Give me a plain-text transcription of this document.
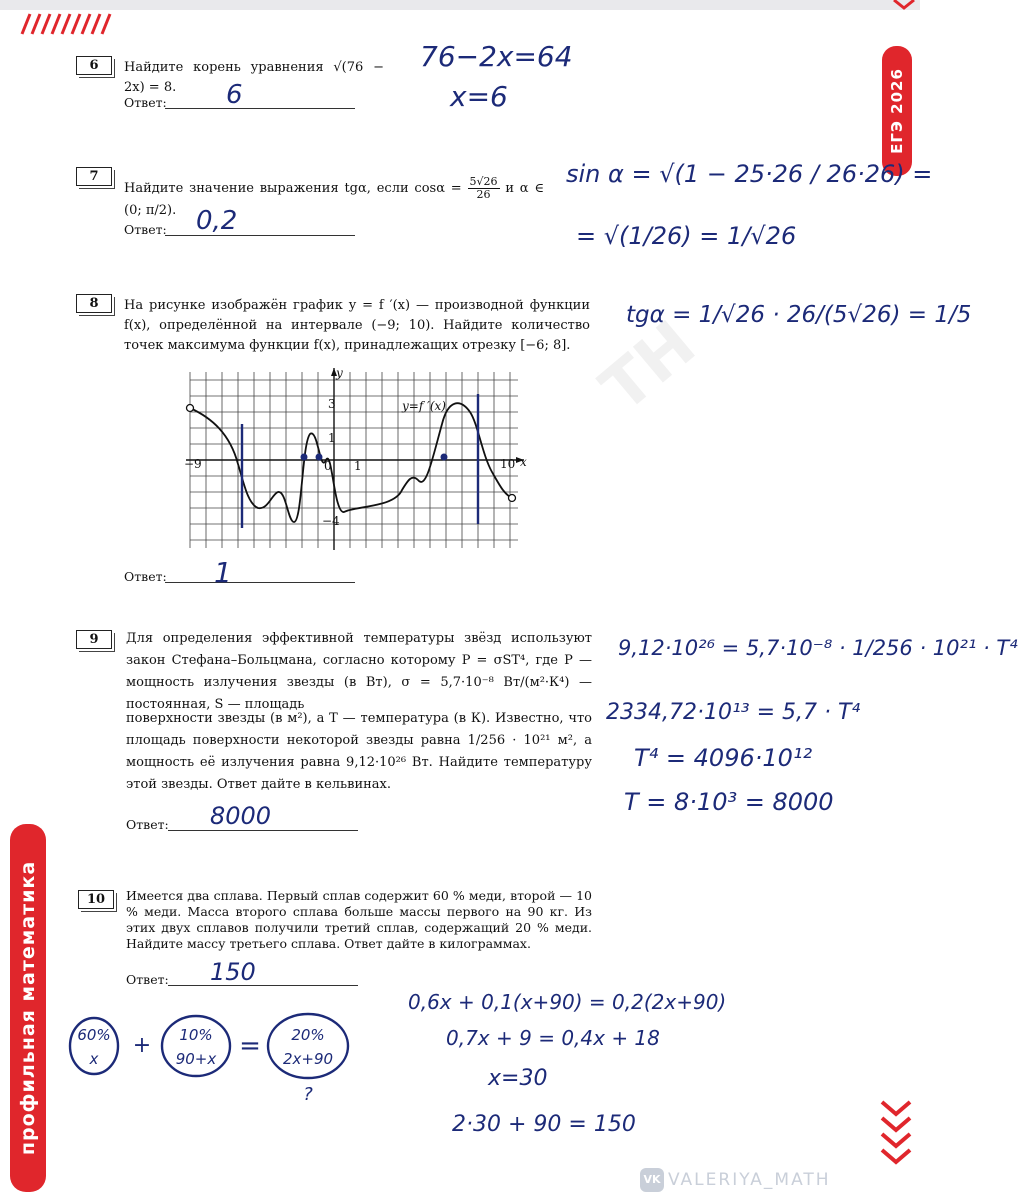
ЕГЭ 2026
профильная математика
TH
6	Найдите корень уравнения √(76 − 2x) = 8.
Ответ: 6
76−2x=64
x=6
7
Найдите значение выражения tgα, если $\cos\alpha = \frac{5√26}{26}$ и α ∈ (0; π/2).
Ответ: 0,2
sin α = √(1 − 25·26 / 26·26) =
= √(1/26) = 1/√26
tgα = 1/√26 · 26/(5√26) = 1/5
8	На рисунке изображён график y = f ′(x) — производной функции f(x), определённой на интервале (−9; 10). Найдите количество точек максимума функции f(x), принадлежащих отрезку [−6; 8].
y
x
−9	0 1	10
3
1
−4
y=f ′(x)
Ответ: 1
9	Для определения эффективной температуры звёзд используют закон Стефана–Больцмана, согласно которому P = σST⁴, где P — мощность излучения звезды (в Вт), σ = 5,7·10⁻⁸ Вт/(м²·К⁴) — постоянная, S — площадь
поверхности звезды (в м²), а T — температура (в К). Известно, что площадь поверхности некоторой звезды равна 1/256 · 10²¹ м², а мощность её излучения равна 9,12·10²⁶ Вт. Найдите температуру этой звезды. Ответ дайте в кельвинах.
Ответ: 8000
9,12·10²⁶ = 5,7·10⁻⁸ · 1/256 · 10²¹ · T⁴
2334,72·10¹³ = 5,7 · T⁴
T⁴ = 4096·10¹²
T = 8·10³ = 8000
10	Имеется два сплава. Первый сплав содержит 60 % меди, второй — 10 % меди. Масса второго сплава больше массы первого на 90 кг. Из этих двух сплавов получили третий сплав, содержащий 20 % меди. Найдите массу третьего сплава. Ответ дайте в килограммах.
Ответ: 150
0,6x + 0,1(x+90) = 0,2(2x+90)
0,7x + 9 = 0,4x + 18
x=30
2·30 + 90 = 150
60%
x
+ 10%
90+x = 20%
2x+90
?
VK VALERIYA_MATH
